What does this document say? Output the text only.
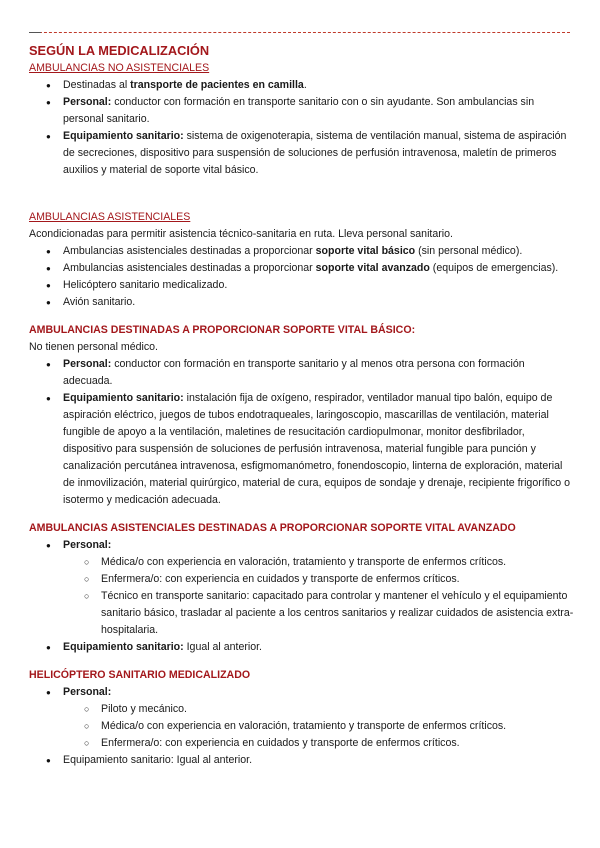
SEGÚN LA MEDICALIZACIÓN
AMBULANCIAS NO ASISTENCIALES
● Destinadas al transporte de pacientes en camilla.
● Personal: conductor con formación en transporte sanitario con o sin ayudante. Son ambulancias sin personal sanitario.
● Equipamiento sanitario: sistema de oxigenoterapia, sistema de ventilación manual, sistema de aspiración de secreciones, dispositivo para suspensión de soluciones de perfusión intravenosa, maletín de primeros auxilios y material de soporte vital básico.
AMBULANCIAS ASISTENCIALES

Acondicionadas para permitir asistencia técnico-sanitaria en ruta. Lleva personal sanitario.

● Ambulancias asistenciales destinadas a proporcionar soporte vital básico (sin personal médico).
● Ambulancias asistenciales destinadas a proporcionar soporte vital avanzado (equipos de emergencias).
● Helicóptero sanitario medicalizado.
● Avión sanitario.
AMBULANCIAS DESTINADAS A PROPORCIONAR SOPORTE VITAL BÁSICO:

No tienen personal médico.

● Personal: conductor con formación en transporte sanitario y al menos otra persona con formación adecuada.
● Equipamiento sanitario: instalación fija de oxígeno, respirador, ventilador manual tipo balón, equipo de aspiración eléctrico, juegos de tubos endotraqueales, laringoscopio, mascarillas de ventilación, material fungible de apoyo a la ventilación, maletines de resucitación cardiopulmonar, monitor desfibrilador, dispositivo para suspensión de soluciones de perfusión intravenosa, material fungible para punción y canalización percutánea intravenosa, esfigmomanómetro, fonendoscopio, linterna de exploración, material de inmovilización, material quirúrgico, material de cura, equipos de sondaje y drenaje, recipiente frigorífico o isotermo y medicación adecuada.
AMBULANCIAS ASISTENCIALES DESTINADAS A PROPORCIONAR SOPORTE VITAL AVANZADO
● Personal:
○ Médica/o con experiencia en valoración, tratamiento y transporte de enfermos críticos.
○ Enfermera/o: con experiencia en cuidados y transporte de enfermos críticos.
○ Técnico en transporte sanitario: capacitado para controlar y mantener el vehículo y el equipamiento sanitario básico, trasladar al paciente a los centros sanitarios y realizar cuidados de asistencia extra- hospitalaria.
● Equipamiento sanitario: Igual al anterior.
HELICÓPTERO SANITARIO MEDICALIZADO
● Personal:
○ Piloto y mecánico.
○ Médica/o con experiencia en valoración, tratamiento y transporte de enfermos críticos.
○ Enfermera/o: con experiencia en cuidados y transporte de enfermos críticos.
● Equipamiento sanitario: Igual al anterior.
